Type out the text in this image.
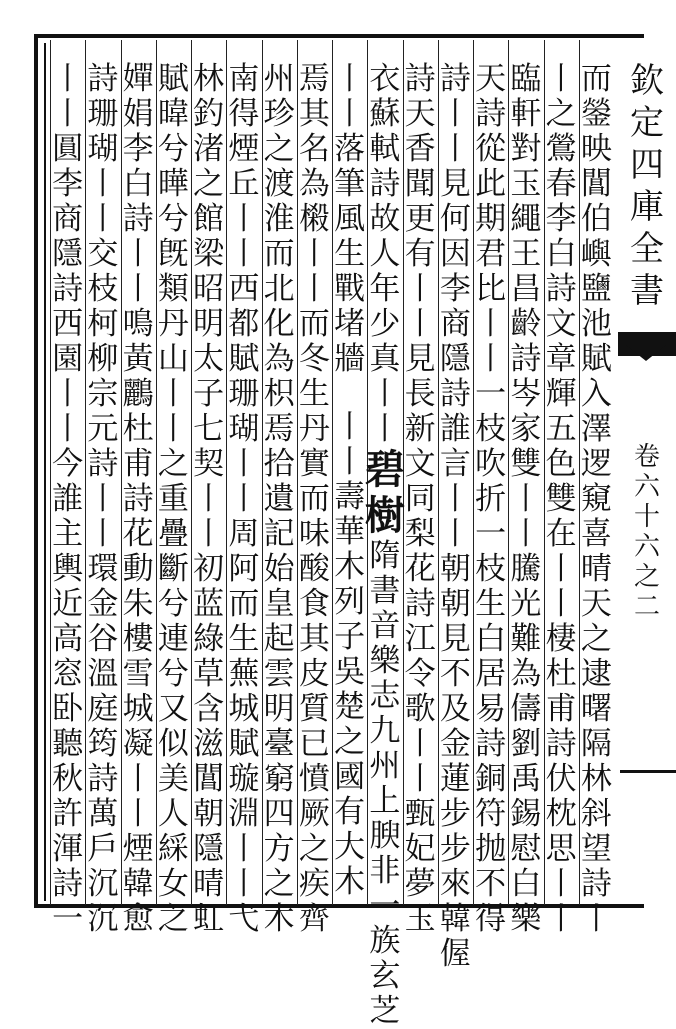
欽
定
四
庫
全
書
卷
六
十
六
之
二
而
鎣
映
閶
伯
嶼
鹽
池
賦
入
澤
逻
窺
喜
晴
天
之
逮
曙
隔
林
斜
望
詩
丨
丨
之
鶯
春
李
白
詩
文
章
輝
五
色
雙
在
丨
丨
棲
杜
甫
詩
伏
枕
思
丨
丨
臨
軒
對
玉
繩
王
昌
齡
詩
岑
家
雙
丨
丨
騰
光
難
為
儔
劉
禹
錫
慰
白
樂
天
詩
從
此
期
君
比
丨
丨
一
枝
吹
折
一
枝
生
白
居
易
詩
銅
符
抛
不
得
詩
丨
丨
見
何
因
李
商
隱
詩
誰
言
丨
丨
朝
朝
見
不
及
金
蓮
步
步
來
韓
偓
詩
天
香
聞
更
有
丨
丨
見
長
新
文
同
梨
花
詩
江
令
歌
丨
丨
甄
妃
夢
玉
衣
蘇
軾
詩
故
人
年
少
真
丨
丨
碧
樹
隋
書
音
樂
志
九
州
上
腴
非
一
族
玄
芝
丨
丨
落
筆
風
生
戰
堵
牆
丨
丨
壽
華
木
列
子
吳
楚
之
國
有
大
木
焉
其
名
為
樧
丨
丨
而
冬
生
丹
實
而
味
酸
食
其
皮
質
已
憤
厥
之
疾
齊
州
珍
之
渡
淮
而
北
化
為
枳
焉
拾
遺
記
始
皇
起
雲
明
臺
窮
四
方
之
木
南
得
煙
丘
丨
丨
西
都
賦
珊
瑚
丨
丨
周
阿
而
生
蕪
城
賦
璇
淵
丨
丨
弋
林
釣
渚
之
館
梁
昭
明
太
子
七
契
丨
丨
初
蓝
綠
草
含
滋
閶
朝
隱
晴
虹
賦
暐
兮
曄
兮
旣
類
丹
山
丨
丨
之
重
疊
斷
兮
連
兮
又
似
美
人
綵
女
之
嬋
娟
李
白
詩
丨
丨
鳴
黃
鸝
杜
甫
詩
花
動
朱
樓
雪
城
凝
丨
丨
煙
韓
愈
詩
珊
瑚
丨
丨
交
枝
柯
柳
宗
元
詩
丨
丨
環
金
谷
溫
庭
筠
詩
萬
戶
沉
沉
丨
丨
圓
李
商
隱
詩
西
園
丨
丨
今
誰
主
輿
近
高
窓
卧
聽
秋
許
渾
詩
一
